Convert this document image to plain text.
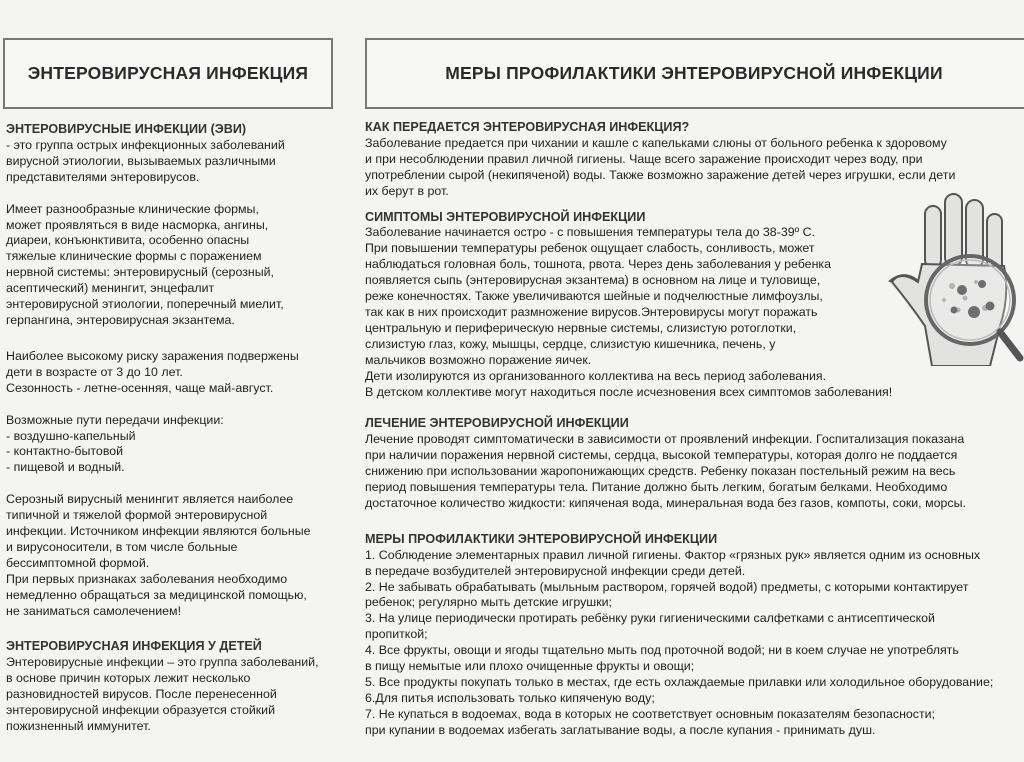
ЭНТЕРОВИРУСНАЯ ИНФЕКЦИЯ	МЕРЫ ПРОФИЛАКТИКИ ЭНТЕРОВИРУСНОЙ ИНФЕКЦИИ
ЭНТЕРОВИРУСНЫЕ ИНФЕКЦИИ (ЭВИ)
- это группа острых инфекционных заболеваний
вирусной этиологии, вызываемых различными
представителями энтеровирусов.
Имеет разнообразные клинические формы,
может проявляться в виде насморка, ангины,
диареи, конъюнктивита, особенно опасны
тяжелые клинические формы с поражением
нервной системы: энтеровирусный (серозный,
асептический) менингит, энцефалит
энтеровирусной этиологии, поперечный миелит,
герпангина, энтеровирусная экзантема.
Наиболее высокому риску заражения подвержены
дети в возрасте от 3 до 10 лет.
Сезонность - летне-осенняя, чаще май-август.
Возможные пути передачи инфекции:
- воздушно-капельный
- контактно-бытовой
- пищевой и водный.
Серозный вирусный менингит является наиболее
типичной и тяжелой формой энтеровирусной
инфекции. Источником инфекции являются больные
и вирусоносители, в том числе больные
бессимптомной формой.
При первых признаках заболевания необходимо
немедленно обращаться за медицинской помощью,
не заниматься самолечением!
ЭНТЕРОВИРУСНАЯ ИНФЕКЦИЯ У ДЕТЕЙ
Энтеровирусные инфекции – это группа заболеваний,
в основе причин которых лежит несколько
разновидностей вирусов. После перенесенной
энтеровирусной инфекции образуется стойкий
пожизненный иммунитет.
КАК ПЕРЕДАЕТСЯ ЭНТЕРОВИРУСНАЯ ИНФЕКЦИЯ?
Заболевание предается при чихании и кашле с капельками слюны от больного ребенка к здоровому
и при несоблюдении правил личной гигиены. Чаще всего заражение происходит через воду, при
употреблении сырой (некипяченой) воды. Также возможно заражение детей через игрушки, если дети
их берут в рот.
СИМПТОМЫ ЭНТЕРОВИРУСНОЙ ИНФЕКЦИИ
Заболевание начинается остро - с повышения температуры тела до 38-39º С.
При повышении температуры ребенок ощущает слабость, сонливость, может
наблюдаться головная боль, тошнота, рвота. Через день заболевания у ребенка
появляется сыпь (энтеровирусная экзантема) в основном на лице и туловище,
реже конечностях. Также увеличиваются шейные и подчелюстные лимфоузлы,
так как в них происходит размножение вирусов.Энтеровирусы могут поражать
центральную и периферическую нервные системы, слизистую ротоглотки,
слизистую глаз, кожу, мышцы, сердце, слизистую кишечника, печень, у
мальчиков возможно поражение яичек.
Дети изолируются из организованного коллектива на весь период заболевания.
В детском коллективе могут находиться после исчезновения всех симптомов заболевания!
ЛЕЧЕНИЕ ЭНТЕРОВИРУСНОЙ ИНФЕКЦИИ
Лечение проводят симптоматически в зависимости от проявлений инфекции. Госпитализация показана
при наличии поражения нервной системы, сердца, высокой температуры, которая долго не поддается
снижению при использовании жаропонижающих средств. Ребенку показан постельный режим на весь
период повышения температуры тела. Питание должно быть легким, богатым белками. Необходимо
достаточное количество жидкости: кипяченая вода, минеральная вода без газов, компоты, соки, морсы.
МЕРЫ ПРОФИЛАКТИКИ ЭНТЕРОВИРУСНОЙ ИНФЕКЦИИ
1. Соблюдение элементарных правил личной гигиены. Фактор «грязных рук» является одним из основных
в передаче возбудителей энтеровирусной инфекции среди детей.
2. Не забывать обрабатывать (мыльным раствором, горячей водой) предметы, с которыми контактирует
ребенок; регулярно мыть детские игрушки;
3. На улице периодически протирать ребёнку руки гигиеническими салфетками с антисептической
пропиткой;
4. Все фрукты, овощи и ягоды тщательно мыть под проточной водой; ни в коем случае не употреблять
в пищу немытые или плохо очищенные фрукты и овощи;
5. Все продукты покупать только в местах, где есть охлаждаемые прилавки или холодильное оборудование;
6.Для питья использовать только кипяченую воду;
7. Не купаться в водоемах, вода в которых не соответствует основным показателям безопасности;
при купании в водоемах избегать заглатывание воды, а после купания - принимать душ.
